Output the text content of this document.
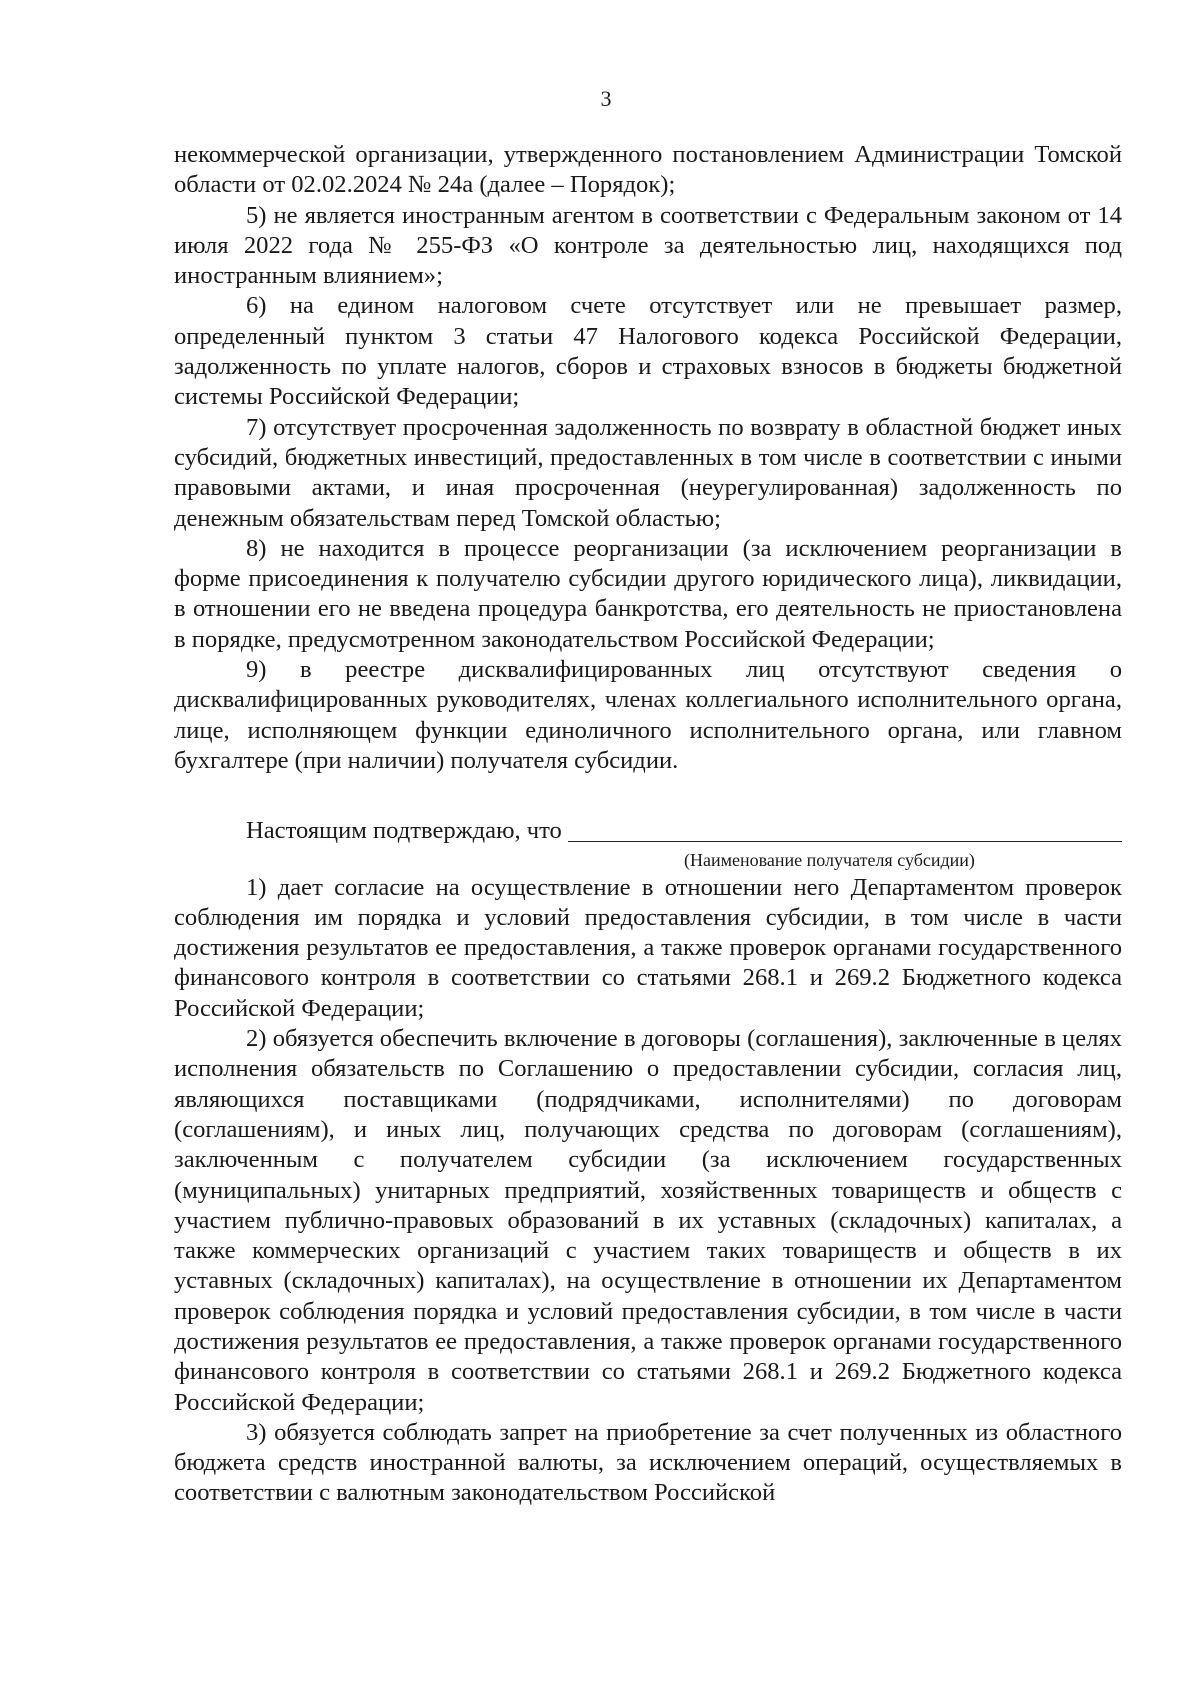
3

некоммерческой организации, утвержденного постановлением Администрации Томской области от 02.02.2024 № 24а (далее – Порядок);

5) не является иностранным агентом в соответствии с Федеральным законом от 14 июля 2022 года № 255-ФЗ «О контроле за деятельностью лиц, находящихся под иностранным влиянием»;

6) на едином налоговом счете отсутствует или не превышает размер, определенный пунктом 3 статьи 47 Налогового кодекса Российской Федерации, задолженность по уплате налогов, сборов и страховых взносов в бюджеты бюджетной системы Российской Федерации;

7) отсутствует просроченная задолженность по возврату в областной бюджет иных субсидий, бюджетных инвестиций, предоставленных в том числе в соответствии с иными правовыми актами, и иная просроченная (неурегулированная) задолженность по денежным обязательствам перед Томской областью;

8) не находится в процессе реорганизации (за исключением реорганизации в форме присоединения к получателю субсидии другого юридического лица), ликвидации, в отношении его не введена процедура банкротства, его деятельность не приостановлена в порядке, предусмотренном законодательством Российской Федерации;

9) в реестре дисквалифицированных лиц отсутствуют сведения о дисквалифицированных руководителях, членах коллегиального исполнительного органа, лице, исполняющем функции единоличного исполнительного органа, или главном бухгалтере (при наличии) получателя субсидии.

Настоящим подтверждаю, что
(Наименование получателя субсидии)

1) дает согласие на осуществление в отношении него Департаментом проверок соблюдения им порядка и условий предоставления субсидии, в том числе в части достижения результатов ее предоставления, а также проверок органами государственного финансового контроля в соответствии со статьями 268.1 и 269.2 Бюджетного кодекса Российской Федерации;

2) обязуется обеспечить включение в договоры (соглашения), заключенные в целях исполнения обязательств по Соглашению о предоставлении субсидии, согласия лиц, являющихся поставщиками (подрядчиками, исполнителями) по договорам (соглашениям), и иных лиц, получающих средства по договорам (соглашениям), заключенным с получателем субсидии (за исключением государственных (муниципальных) унитарных предприятий, хозяйственных товариществ и обществ с участием публично-правовых образований в их уставных (складочных) капиталах, а также коммерческих организаций с участием таких товариществ и обществ в их уставных (складочных) капиталах), на осуществление в отношении их Департаментом проверок соблюдения порядка и условий предоставления субсидии, в том числе в части достижения результатов ее предоставления, а также проверок органами государственного финансового контроля в соответствии со статьями 268.1 и 269.2 Бюджетного кодекса Российской Федерации;

3) обязуется соблюдать запрет на приобретение за счет полученных из областного бюджета средств иностранной валюты, за исключением операций, осуществляемых в соответствии с валютным законодательством Российской
